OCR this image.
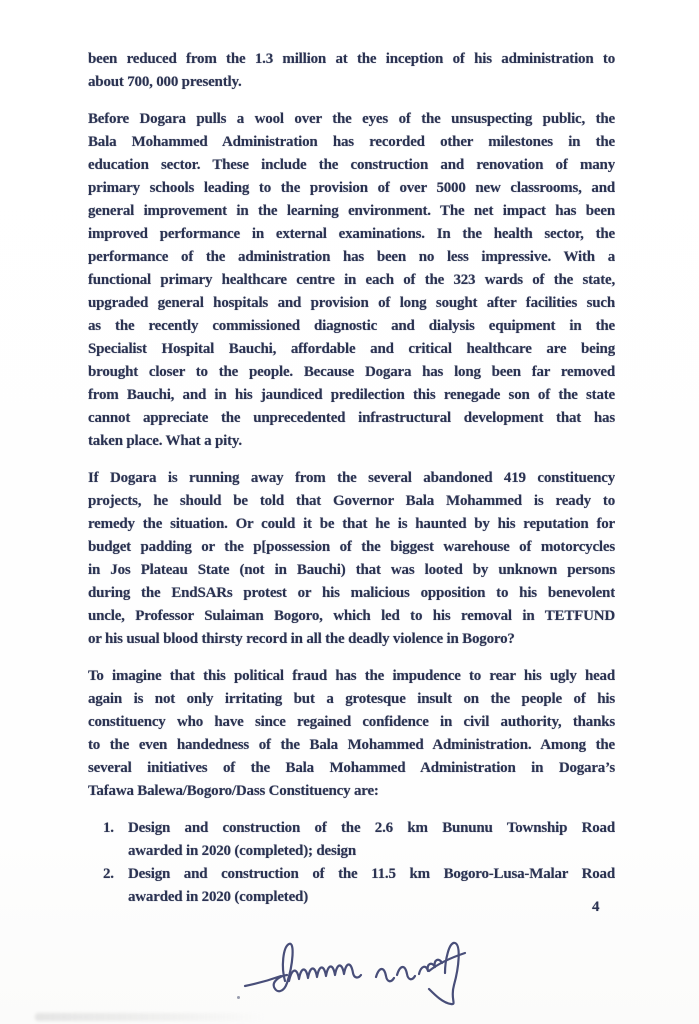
been reduced from the 1.3 million at the inception of his administration to
about 700, 000 presently.
Before Dogara pulls a wool over the eyes of the unsuspecting public, the
Bala Mohammed Administration has recorded other milestones in the
education sector. These include the construction and renovation of many
primary schools leading to the provision of over 5000 new classrooms, and
general improvement in the learning environment. The net impact has been
improved performance in external examinations. In the health sector, the
performance of the administration has been no less impressive. With a
functional primary healthcare centre in each of the 323 wards of the state,
upgraded general hospitals and provision of long sought after facilities such
as the recently commissioned diagnostic and dialysis equipment in the
Specialist Hospital Bauchi, affordable and critical healthcare are being
brought closer to the people. Because Dogara has long been far removed
from Bauchi, and in his jaundiced predilection this renegade son of the state
cannot appreciate the unprecedented infrastructural development that has
taken place. What a pity.
If Dogara is running away from the several abandoned 419 constituency
projects, he should be told that Governor Bala Mohammed is ready to
remedy the situation. Or could it be that he is haunted by his reputation for
budget padding or the p[possession of the biggest warehouse of motorcycles
in Jos Plateau State (not in Bauchi) that was looted by unknown persons
during the EndSARs protest or his malicious opposition to his benevolent
uncle, Professor Sulaiman Bogoro, which led to his removal in TETFUND
or his usual blood thirsty record in all the deadly violence in Bogoro?
To imagine that this political fraud has the impudence to rear his ugly head
again is not only irritating but a grotesque insult on the people of his
constituency who have since regained confidence in civil authority, thanks
to the even handedness of the Bala Mohammed Administration. Among the
several initiatives of the Bala Mohammed Administration in Dogara’s
Tafawa Balewa/Bogoro/Dass Constituency are:
1. Design and construction of the 2.6 km Bununu Township Road
awarded in 2020 (completed); design
2. Design and construction of the 11.5 km Bogoro-Lusa-Malar Road
awarded in 2020 (completed)
4
